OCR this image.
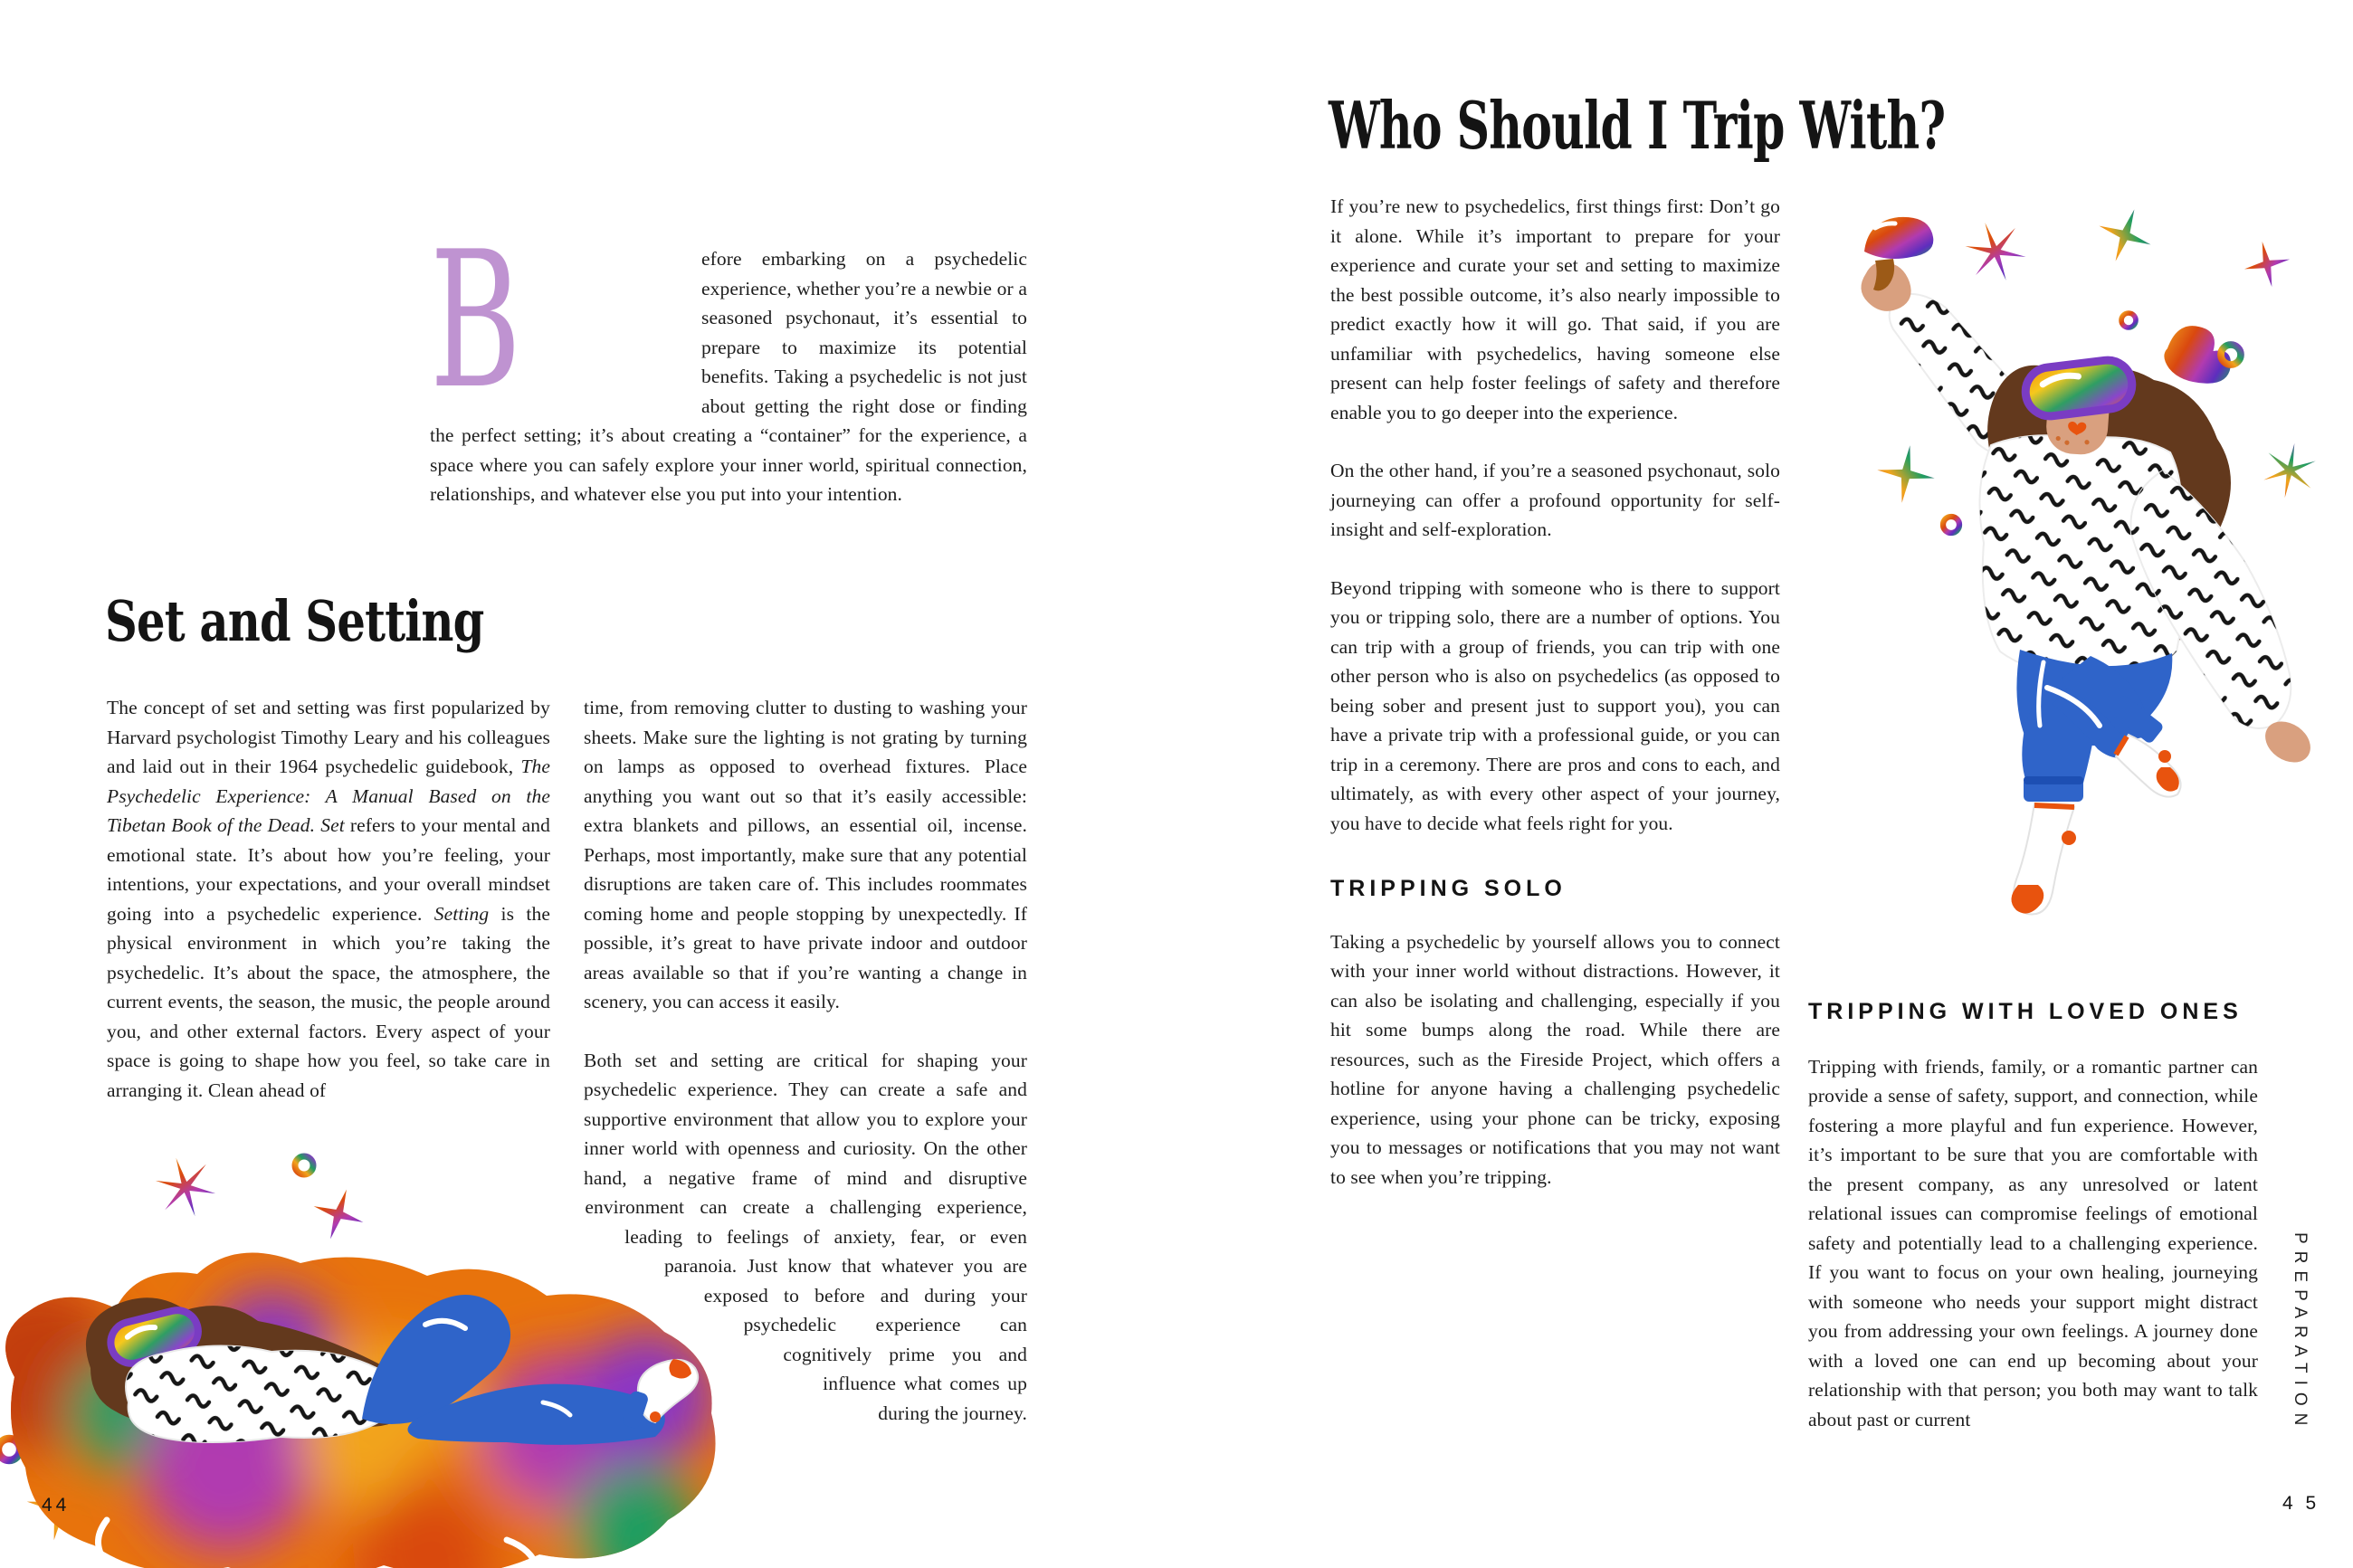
B	efore embarking on a psychedelic experience, whether you’re a newbie or a seasoned psychonaut, it’s essential to prepare to maximize its potential benefits. Taking a psychedelic is not just about getting the right dose or finding the perfect setting; it’s about creating a “container” for the experience, a space where you can safely explore your inner world, spiritual connection, relationships, and whatever else you put into your intention.

Set and Setting

The concept of set and setting was first popularized by Harvard psychologist Timothy Leary and his colleagues and laid out in their 1964 psychedelic guidebook, The Psychedelic Experience: A Manual Based on the Tibetan Book of the Dead. Set refers to your mental and emotional state. It’s about how you’re feeling, your intentions, your expectations, and your overall mindset going into a psychedelic experience. Setting is the physical environment in which you’re taking the psychedelic. It’s about the space, the atmosphere, the current events, the season, the music, the people around you, and other external factors. Every aspect of your space is going to shape how you feel, so take care in arranging it. Clean ahead of

time, from removing clutter to dusting to washing your sheets. Make sure the lighting is not grating by turning on lamps as opposed to overhead fixtures. Place anything you want out so that it’s easily accessible: extra blankets and pillows, an essential oil, incense. Perhaps, most importantly, make sure that any potential disruptions are taken care of. This includes roommates coming home and people stopping by unexpectedly. If possible, it’s great to have private indoor and outdoor areas available so that if you’re wanting a change in scenery, you can access it easily.

Both set and setting are critical for shaping your psychedelic experience. They can create a safe and supportive environment that allow you to explore your inner world with openness and curiosity. On the other hand, a negative frame of mind and disruptive environment can create a challenging experience, leading to feelings of anxiety, fear, or even paranoia. Just know that whatever you are exposed to before and during your psychedelic experience can cognitively prime you and influence what comes up during the journey.

44
Who Should I Trip With?

If you’re new to psychedelics, first things first: Don’t go it alone. While it’s important to prepare for your experience and curate your set and setting to maximize the best possible outcome, it’s also nearly impossible to predict exactly how it will go. That said, if you are unfamiliar with psychedelics, having someone else present can help foster feelings of safety and therefore enable you to go deeper into the experience.

On the other hand, if you’re a seasoned psychonaut, solo journeying can offer a profound opportunity for self-insight and self-exploration.

Beyond tripping with someone who is there to support you or tripping solo, there are a number of options. You can trip with a group of friends, you can trip with one other person who is also on psychedelics (as opposed to being sober and present just to support you), you can have a private trip with a professional guide, or you can trip in a ceremony. There are pros and cons to each, and ultimately, as with every other aspect of your journey, you have to decide what feels right for you.

TRIPPING SOLO

Taking a psychedelic by yourself allows you to connect with your inner world without distractions. However, it can also be isolating and challenging, especially if you hit some bumps along the road. While there are resources, such as the Fireside Project, which offers a hotline for anyone having a challenging psychedelic experience, using your phone can be tricky, exposing you to messages or notifications that you may not want to see when you’re tripping.

TRIPPING WITH LOVED ONES

Tripping with friends, family, or a romantic partner can provide a sense of safety, support, and connection, while fostering a more playful and fun experience. However, it’s important to be sure that you are comfortable with the present company, as any unresolved or latent relational issues can compromise feelings of emotional safety and potentially lead to a challenging experience. If you want to focus on your own healing, journeying with someone who needs your support might distract you from addressing your own feelings. A journey done with a loved one can end up becoming about your relationship with that person; you both may want to talk about past or current	PREPARATION
4 5
